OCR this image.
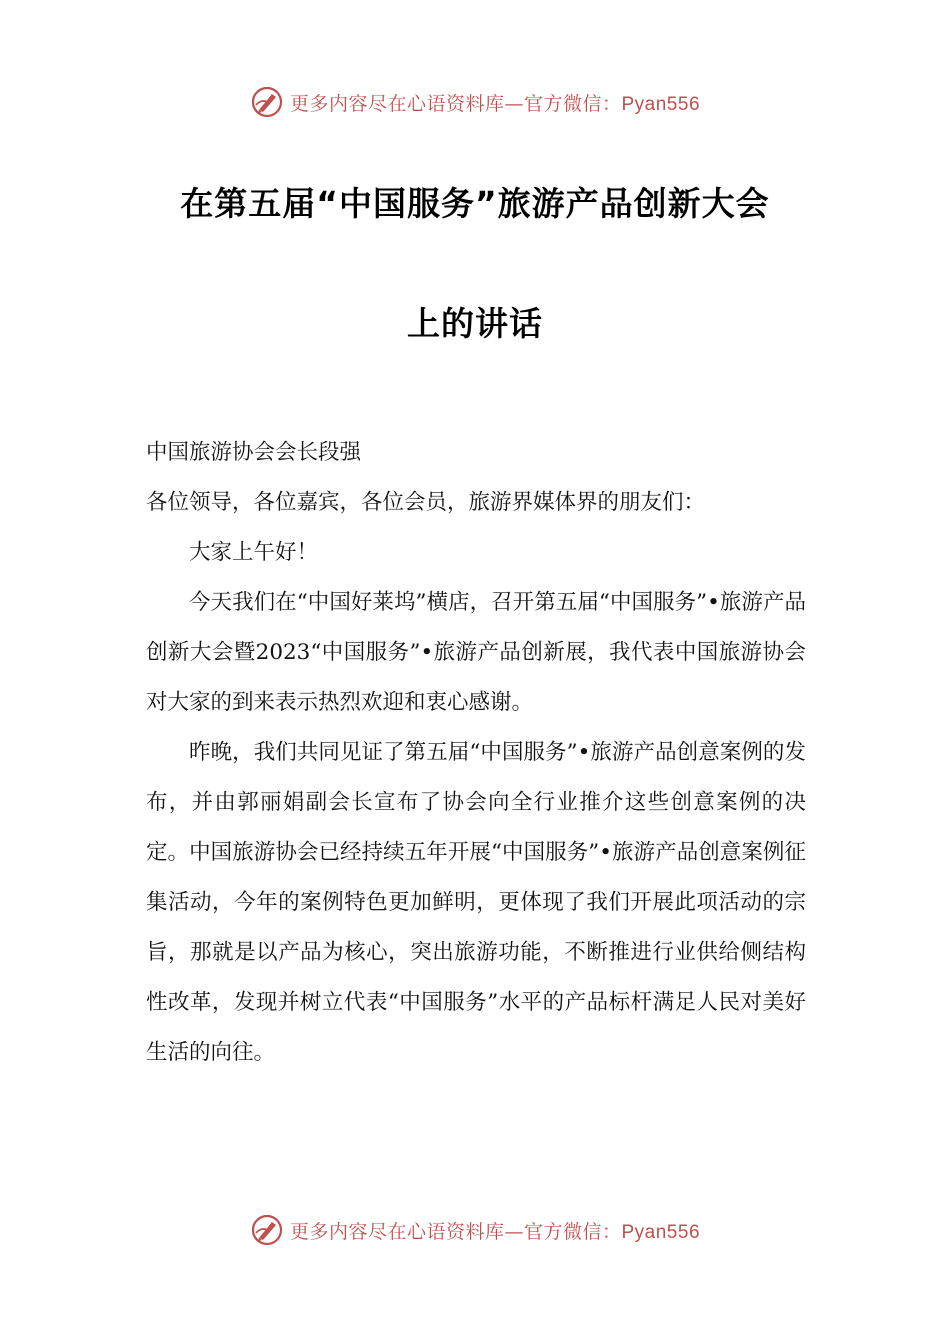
更多内容尽在心语资料库—官方微信：Pyan556
在第五届“中国服务”旅游产品创新大会
上的讲话

中国旅游协会会长段强

各位领导，各位嘉宾，各位会员，旅游界媒体界的朋友们：

大家上午好！

今天我们在“中国好莱坞”横店，召开第五届“中国服务”•旅游产品创新大会暨2023“中国服务”•旅游产品创新展，我代表中国旅游协会对大家的到来表示热烈欢迎和衷心感谢。

昨晚，我们共同见证了第五届“中国服务”•旅游产品创意案例的发布，并由郭丽娟副会长宣布了协会向全行业推介这些创意案例的决定。中国旅游协会已经持续五年开展“中国服务”•旅游产品创意案例征集活动，今年的案例特色更加鲜明，更体现了我们开展此项活动的宗旨，那就是以产品为核心，突出旅游功能，不断推进行业供给侧结构性改革，发现并树立代表“中国服务”水平的产品标杆满足人民对美好生活的向往。

更多内容尽在心语资料库—官方微信：Pyan556
